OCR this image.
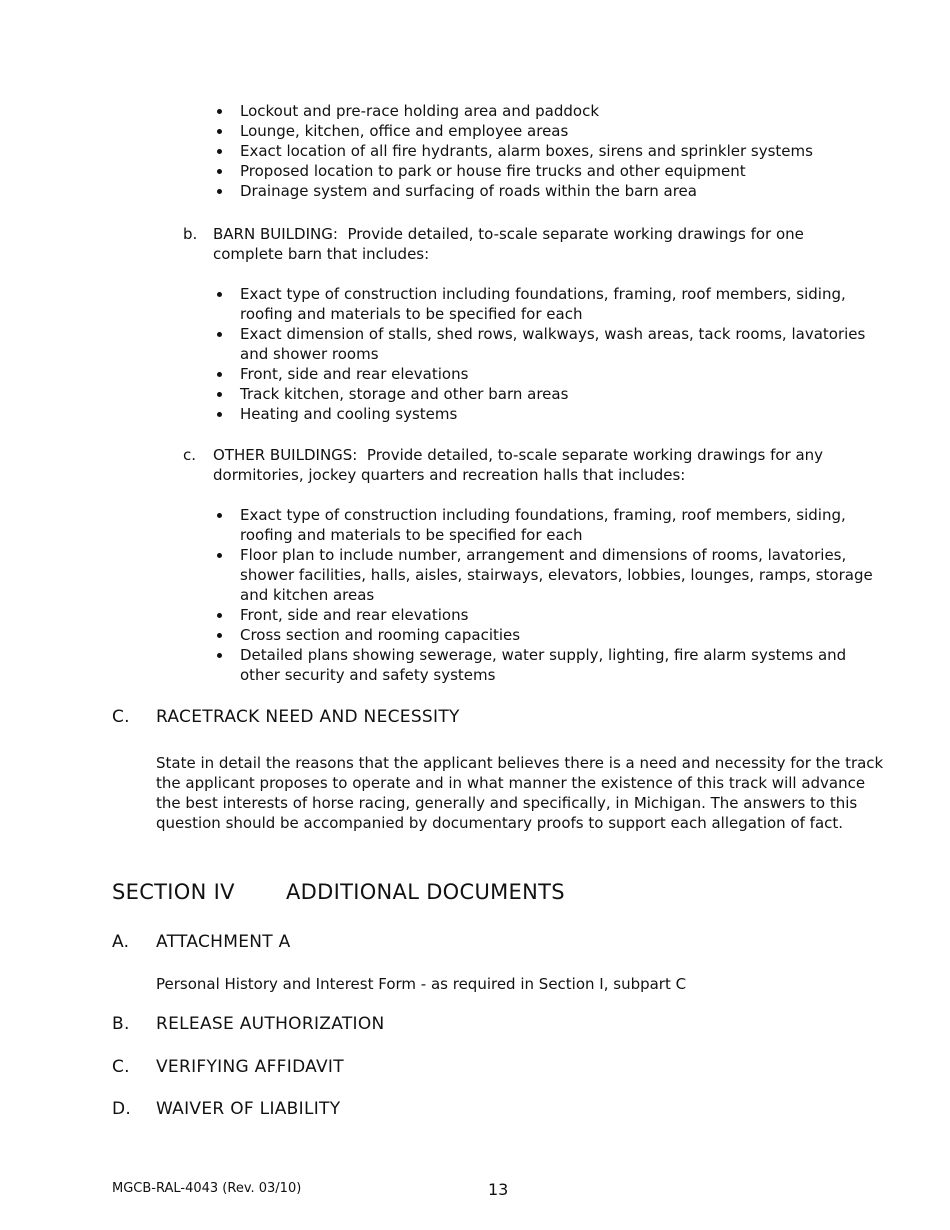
Lockout and pre-race holding area and paddock
Lounge, kitchen, office and employee areas
Exact location of all fire hydrants, alarm boxes, sirens and sprinkler systems
Proposed location to park or house fire trucks and other equipment
Drainage system and surfacing of roads within the barn area
b. BARN BUILDING: Provide detailed, to-scale separate working drawings for one complete barn that includes:
Exact type of construction including foundations, framing, roof members, siding, roofing and materials to be specified for each
Exact dimension of stalls, shed rows, walkways, wash areas, tack rooms, lavatories and shower rooms
Front, side and rear elevations
Track kitchen, storage and other barn areas
Heating and cooling systems
c. OTHER BUILDINGS: Provide detailed, to-scale separate working drawings for any dormitories, jockey quarters and recreation halls that includes:
Exact type of construction including foundations, framing, roof members, siding, roofing and materials to be specified for each
Floor plan to include number, arrangement and dimensions of rooms, lavatories, shower facilities, halls, aisles, stairways, elevators, lobbies, lounges, ramps, storage and kitchen areas
Front, side and rear elevations
Cross section and rooming capacities
Detailed plans showing sewerage, water supply, lighting, fire alarm systems and other security and safety systems
C. RACETRACK NEED AND NECESSITY
State in detail the reasons that the applicant believes there is a need and necessity for the track the applicant proposes to operate and in what manner the existence of this track will advance the best interests of horse racing, generally and specifically, in Michigan. The answers to this question should be accompanied by documentary proofs to support each allegation of fact.
SECTION IV ADDITIONAL DOCUMENTS
A. ATTACHMENT A
Personal History and Interest Form - as required in Section I, subpart C
B. RELEASE AUTHORIZATION
C. VERIFYING AFFIDAVIT
D. WAIVER OF LIABILITY
MGCB-RAL-4043 (Rev. 03/10)	13
